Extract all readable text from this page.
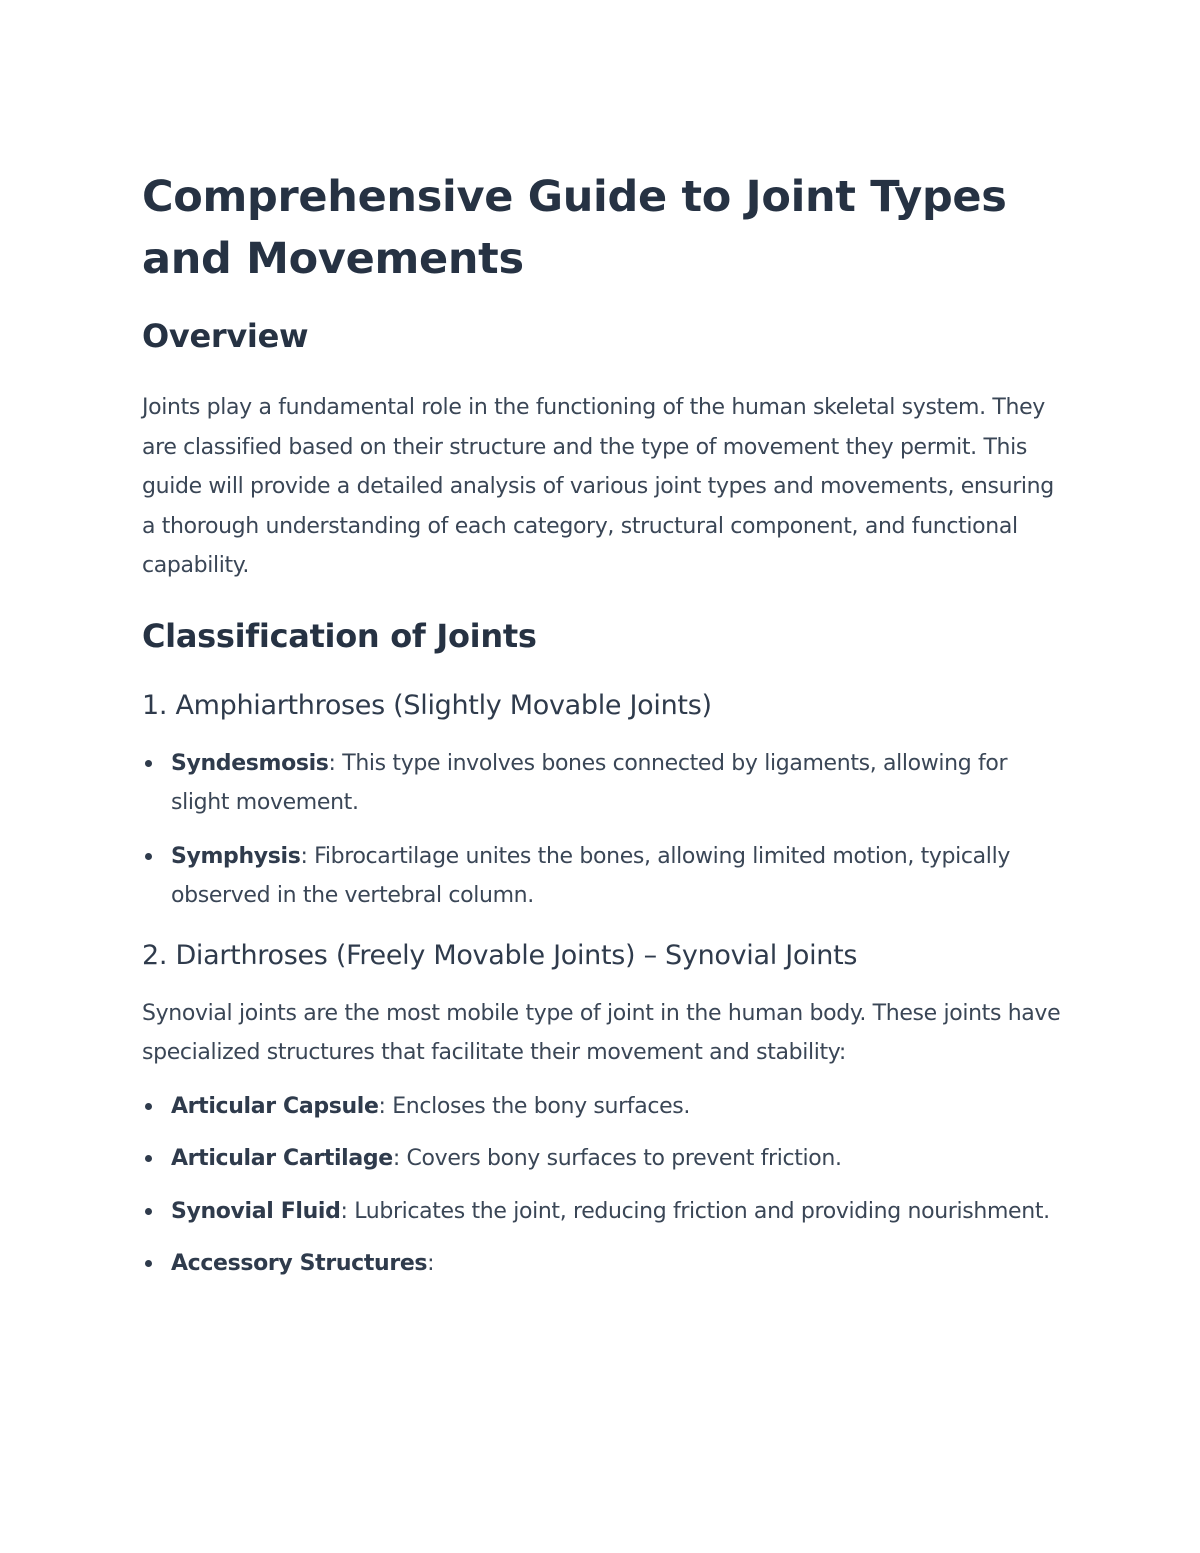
Comprehensive Guide to Joint Types and Movements
Overview

Joints play a fundamental role in the functioning of the human skeletal system. They are classified based on their structure and the type of movement they permit. This guide will provide a detailed analysis of various joint types and movements, ensuring a thorough understanding of each category, structural component, and functional capability.

Classification of Joints
1. Amphiarthroses (Slightly Movable Joints)
Syndesmosis: This type involves bones connected by ligaments, allowing for slight movement.
Symphysis: Fibrocartilage unites the bones, allowing limited motion, typically observed in the vertebral column.
2. Diarthroses (Freely Movable Joints) – Synovial Joints

Synovial joints are the most mobile type of joint in the human body. These joints have specialized structures that facilitate their movement and stability:

Articular Capsule: Encloses the bony surfaces.
Articular Cartilage: Covers bony surfaces to prevent friction.
Synovial Fluid: Lubricates the joint, reducing friction and providing nourishment.
Accessory Structures:
